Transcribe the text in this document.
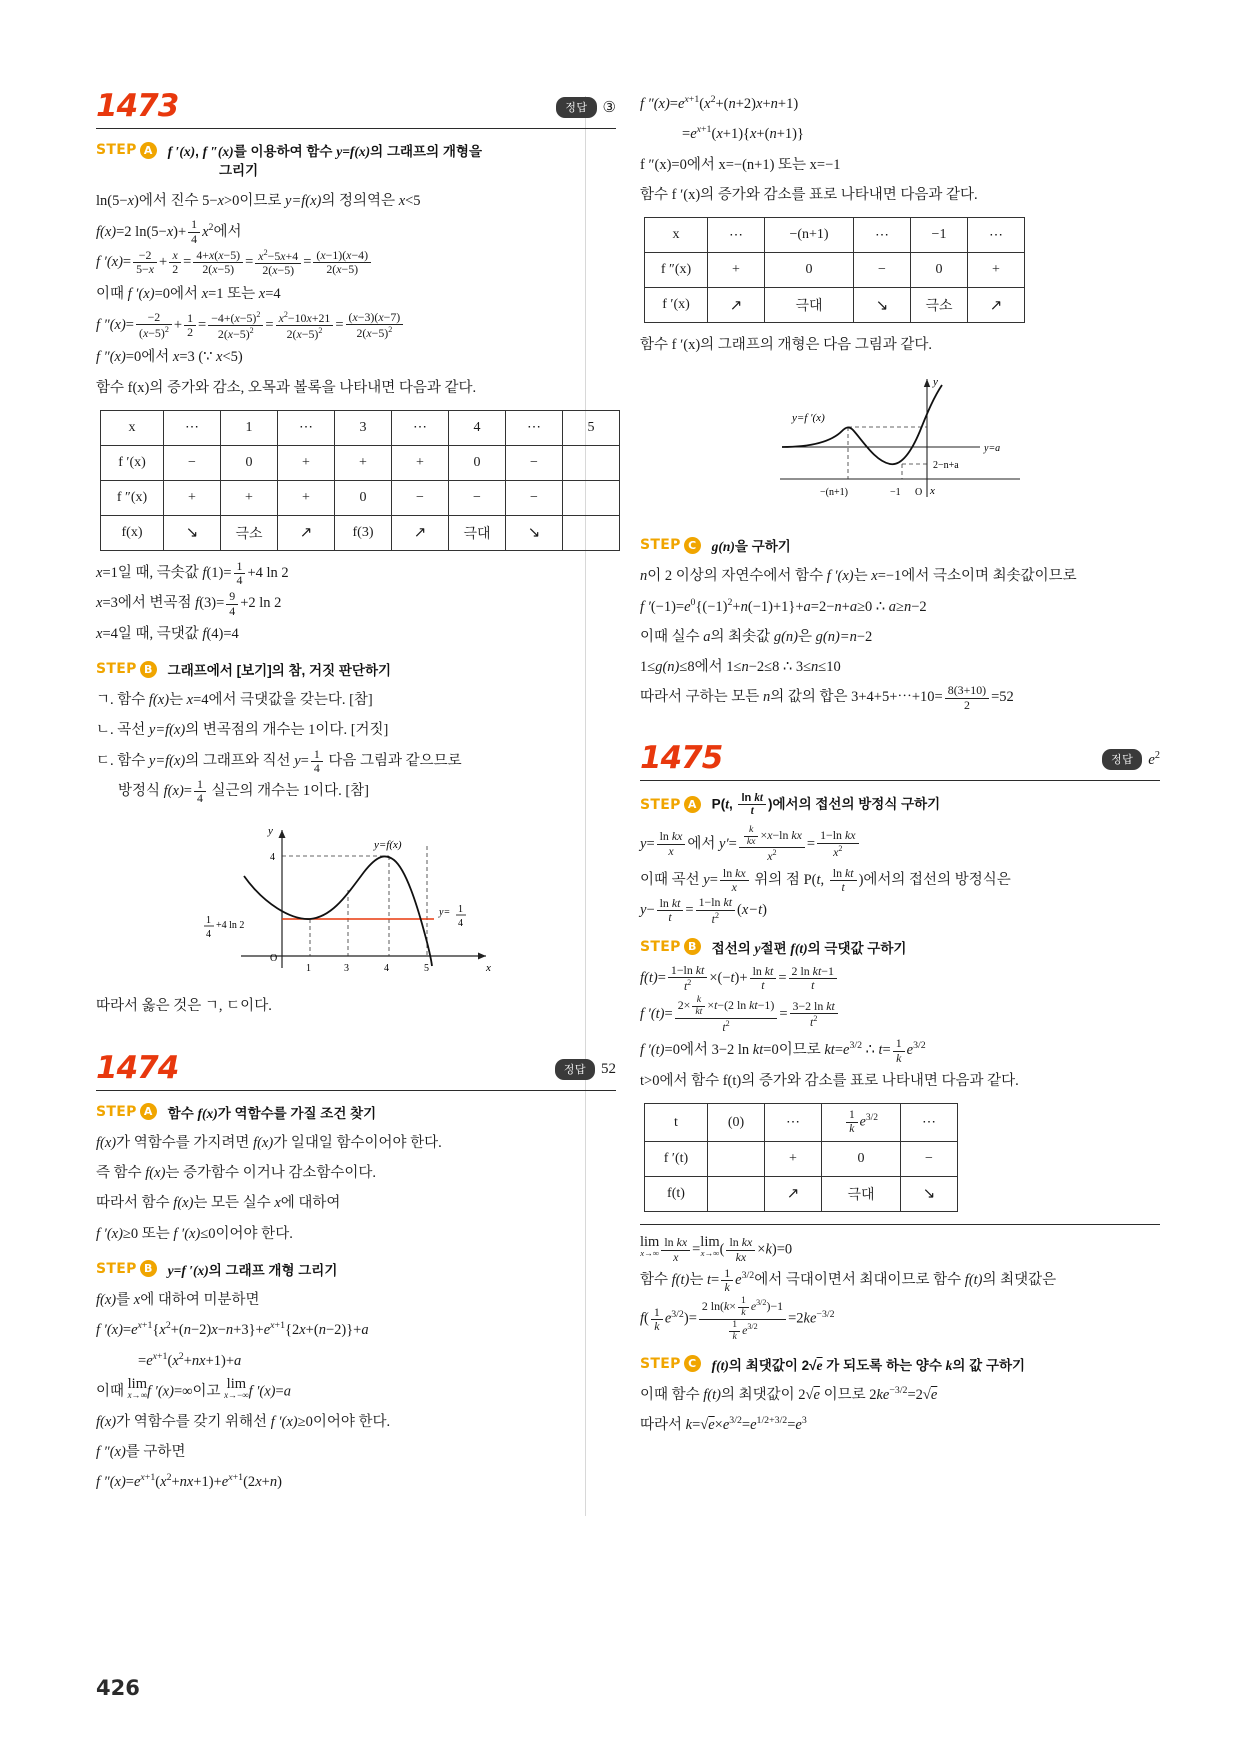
1473	정답	③
STEP A	f ′(x), f ″(x)를 이용하여 함수 y=f(x)의 그래프의 개형을
그리기
ln(5−x)에서 진수 5−x>0이므로 y=f(x)의 정의역은 x<5
f(x)=2 $\ln(5-x)+ \frac{1}{4} x^2$에서
f $'(x)= \frac{-2}{5-x} + \frac{x}{2} = \frac{4+x(x-5)}{2(x-5)} = \frac{x^2-5x+4}{2(x-5)} = \frac{(x-1)(x-4)}{2(x-5)}$
이때 f ′(x)=0에서 x=1 또는 x=4
f $''(x)= \frac{-2}{(x-5)^2} + \frac{1}{2} = \frac{-4+(x-5)^2}{2(x-5)^2} = \frac{x^2-10x+21}{2(x-5)^2} = \frac{(x-3)(x-7)}{2(x-5)^2}$
f ″(x)=0에서 x=3 (∵ x<5)
함수 f(x)의 증가와 감소, 오목과 볼록을 나타내면 다음과 같다.
x	⋯	1	⋯	3	⋯	4	⋯	5
f ′(x)	−	0	+	+	+	0	−	
f ″(x)	+	+	+	0	−	−	−	
f(x)	↘	극소	↗	f(3)	↗	극대	↘	
x=1일 때, 극솟값 $f(1)= \frac{1}{4} +4$ ln 2
x=3에서 변곡점 $f(3)= \frac{9}{4} +2$ ln 2
x=4일 때, 극댓값 f(4)=4
STEP B	그래프에서 [보기]의 참, 거짓 판단하기
ㄱ. 함수 f(x)는 x=4에서 극댓값을 갖는다. [참]
ㄴ. 곡선 y=f(x)의 변곡점의 개수는 1이다. [거짓]
ㄷ. 함수 y=f(x)의 그래프와 직선 $y= \frac{1}{4}$ 다음 그림과 같으므로
방정식 $f(x)= \frac{1}{4}$ 실근의 개수는 1이다. [참]
y
x
O
y=f(x)
4
1	3	4	5
y= 1
4
1
4
+4 ln 2
따라서 옳은 것은 ㄱ, ㄷ이다.
1474	정답	52
STEP A	함수 f(x)가 역함수를 가질 조건 찾기
f(x)가 역함수를 가지려면 f(x)가 일대일 함수이어야 한다.
즉 함수 f(x)는 증가함수 이거나 감소함수이다.
따라서 함수 f(x)는 모든 실수 x에 대하여
f ′(x)≥0 또는 f ′(x)≤0이어야 한다.
STEP B	y=f ′(x)의 그래프 개형 그리기
f(x)를 x에 대하여 미분하면
f $'(x)=e^{x+1}\{x^2+(n-2)x-n+3\}+e^{x+1}\{2x+(n-2)\}+a$
$=e^{x+1}(x^2+nx+1)+a$
이때 lim
x→∞ f ′(x)=∞이고 lim
x→−∞ f ′(x)=a
f(x)가 역함수를 갖기 위해선 f ′(x)≥0이어야 한다.
f ″(x)를 구하면
f $''(x)=e^{x+1}(x^2+nx+1)+e^{x+1}(2x+n)$
f $''(x)=e^{x+1}(x^2+(n+2)x+n+1)$
$=e^{x+1}(x+1)\{x+(n+1)\}$
f ″(x)=0에서 x=−(n+1) 또는 x=−1
함수 f ′(x)의 증가와 감소를 표로 나타내면 다음과 같다.
x	⋯	−(n+1)	⋯	−1	⋯
f ″(x)	+	0	−	0	+
f ′(x)	↗	극대	↘	극소	↗
함수 f ′(x)의 그래프의 개형은 다음 그림과 같다.
y
x
y=a
y=f ′(x)
2−n+a
−(n+1)	−1 O
STEP C	g(n)을 구하기
n이 2 이상의 자연수에서 함수 f ′(x)는 x=−1에서 극소이며 최솟값이므로
f $'(-1)=e^0\{(-1)^2+n(-1)+1\}+a=2-n+a\ge 0$ ∴ a≥n−2
이때 실수 a의 최솟값 g(n)은 g(n)=n−2
1≤g(n)≤8에서 1≤n−2≤8 ∴ 3≤n≤10
따라서 구하는 모든 n의 값의 합은 3+4+5+⋯+10= $\frac{8(3+10)}{2} =52$
1475	정답	$e^2$
STEP A	P(t, $\frac{\text{ln kt}}{t}$ )에서의 접선의 방정식 구하기
$y= \frac{\text{ln kx}}{x}$ 에서 $y'= \frac{\frac{k}{kx} \times x-\ln kx}{x^2} = \frac{\text{1−ln kx}}{x^2}$
이때 곡선 $y= \frac{\text{ln kx}}{x}$ 위의 점 P(t, $\frac{\text{ln kt}}{t}$ )에서의 접선의 방정식은
$y- \frac{\text{ln kt}}{t} = \frac{\text{1−ln kt}}{t^2} (x-t)$
STEP B	접선의 y절편 f(t)의 극댓값 구하기
$f(t)= \frac{\text{1−ln kt}}{t^2} \times(-t)+ \frac{\text{ln kt}}{t} = \frac{\text{2 ln kt−1}}{t}$
f $'(t)= \frac{2\times \frac{k}{kt} \times t-(2 \ln kt-1)}{t^2} = \frac{\text{3−2 ln kt}}{t^2}$
f ′(t)=0에서 3−2 ln kt=0이므로 $kt=e^{3/2}$ ∴ $t= \frac{1}{k} e^{3/2}$
t>0에서 함수 f(t)의 증가와 감소를 표로 나타내면 다음과 같다.
t	(0)	⋯	$\frac{1}{k} e^{3/2}$	⋯
f ′(t)		+	0	−
f(t)		↗	극대	↘
lim
$x\to\infty \frac{\text{ln kx}}{x} =\lim$
x→∞ ( $\frac{\text{ln kx}}{kx} \times k)=0$
함수 f(t)는 $t= \frac{1}{k} e^{3/2}$에서 극대이면서 최대이므로 함수 f(t)의 최댓값은
$f( \frac{1}{k} e^{3/2})= \frac{2 \ln(k\times \frac{1}{k} e^{3/2})-1}{\frac{1}{k} e^{3/2}} =2ke^{-3/2}$
STEP C	f(t)의 최댓값이 2√e 가 되도록 하는 양수 k의 값 구하기
이때 함수 f(t)의 최댓값이 2√e 이므로 $2ke^{-3/2}=2√e$
따라서 $k=√e\times e^{3/2}=e^{1/2+3/2}=e^3$
426
